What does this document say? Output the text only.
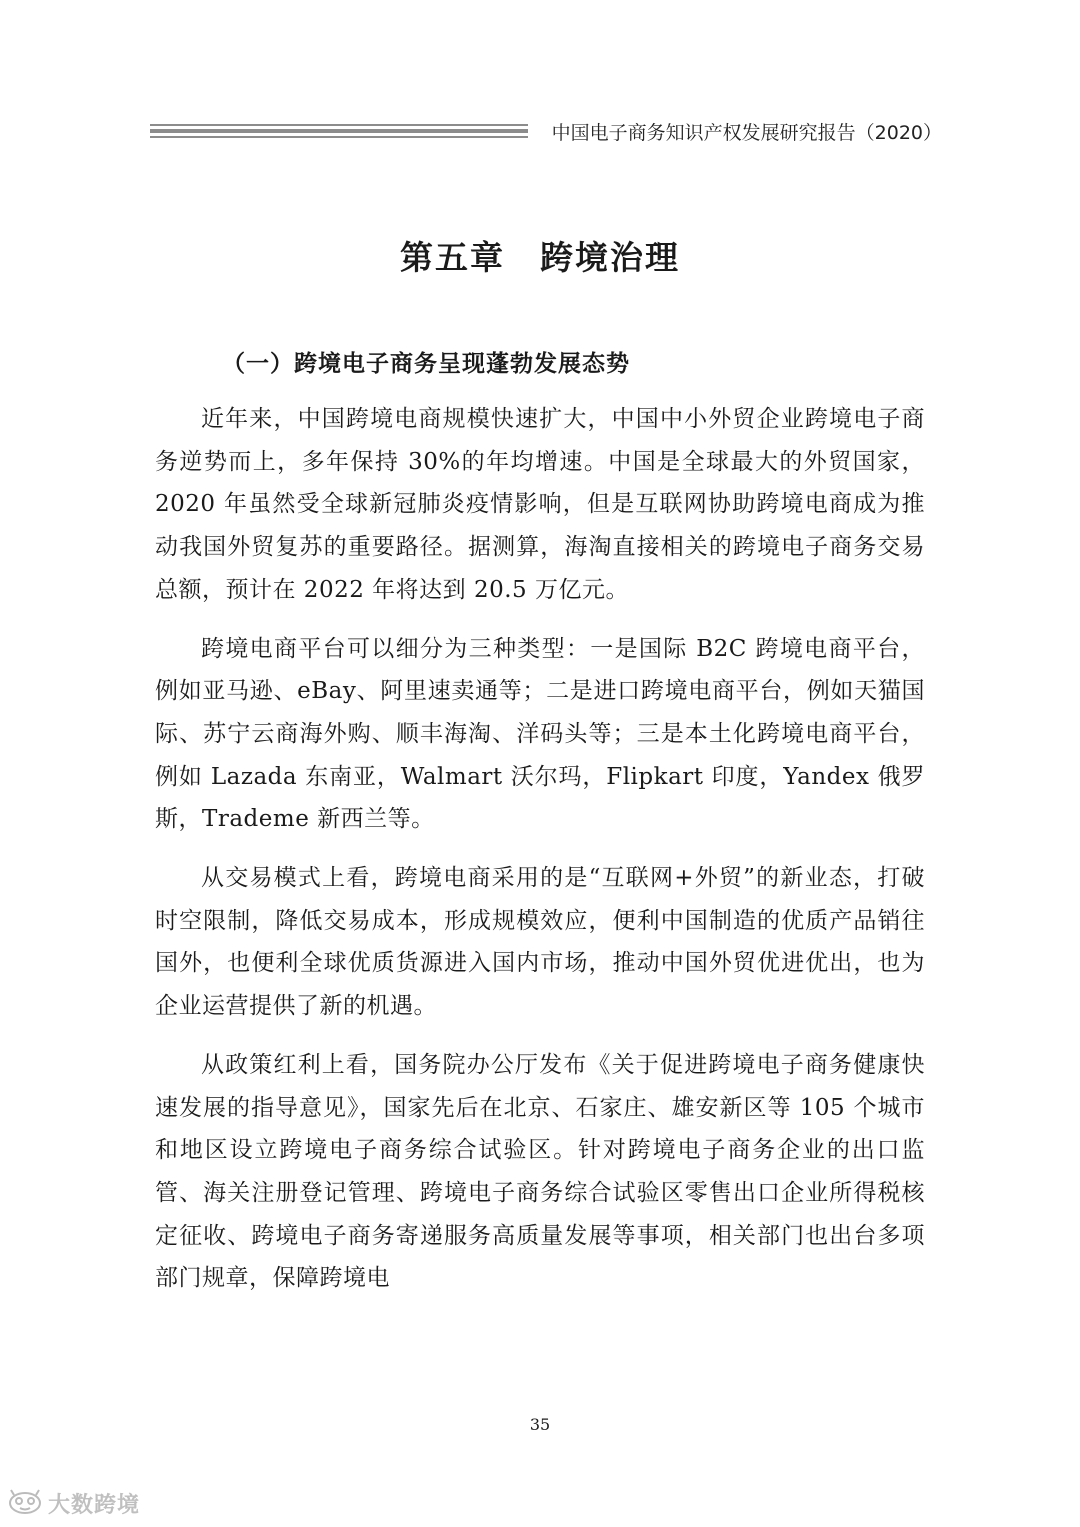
中国电子商务知识产权发展研究报告（2020）
第五章　跨境治理
（一）跨境电子商务呈现蓬勃发展态势

近年来，中国跨境电商规模快速扩大，中国中小外贸企业跨境电子商务逆势而上，多年保持 30%的年均增速。中国是全球最大的外贸国家，2020 年虽然受全球新冠肺炎疫情影响，但是互联网协助跨境电商成为推动我国外贸复苏的重要路径。据测算，海淘直接相关的跨境电子商务交易总额，预计在 2022 年将达到 20.5 万亿元。

跨境电商平台可以细分为三种类型：一是国际 B2C 跨境电商平台，例如亚马逊、eBay、阿里速卖通等；二是进口跨境电商平台，例如天猫国际、苏宁云商海外购、顺丰海淘、洋码头等；三是本土化跨境电商平台，例如 Lazada 东南亚，Walmart 沃尔玛，Flipkart 印度，Yandex 俄罗斯，Trademe 新西兰等。

从交易模式上看，跨境电商采用的是“互联网+外贸”的新业态，打破时空限制，降低交易成本，形成规模效应，便利中国制造的优质产品销往国外，也便利全球优质货源进入国内市场，推动中国外贸优进优出，也为企业运营提供了新的机遇。

从政策红利上看，国务院办公厅发布《关于促进跨境电子商务健康快速发展的指导意见》，国家先后在北京、石家庄、雄安新区等 105 个城市和地区设立跨境电子商务综合试验区。针对跨境电子商务企业的出口监管、海关注册登记管理、跨境电子商务综合试验区零售出口企业所得税核定征收、跨境电子商务寄递服务高质量发展等事项，相关部门也出台多项部门规章，保障跨境电

35
大数跨境
